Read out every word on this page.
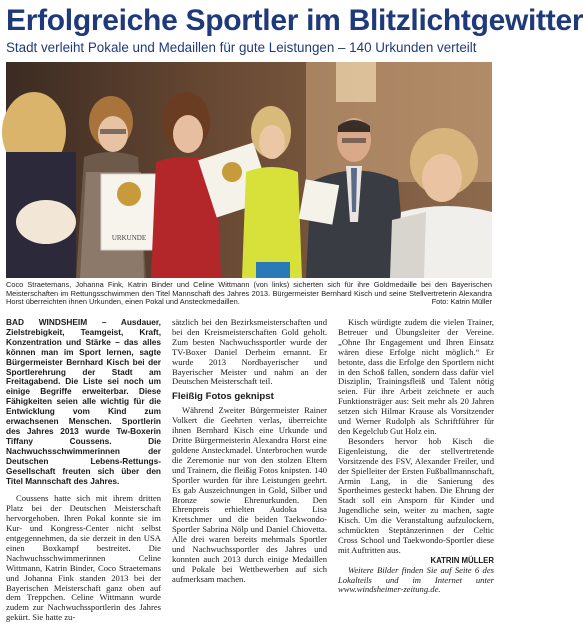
Erfolgreiche Sportler im Blitzlichtgewitter
Stadt verleiht Pokale und Medaillen für gute Leistungen – 140 Urkunden verteilt
URKUNDE
Coco Straetemans, Johanna Fink, Katrin Binder und Celine Wittmann (von links) sicherten sich für ihre Goldmedaille bei den Bayerischen Meisterschaften im Rettungsschwimmen den Titel Mannschaft des Jahres 2013. Bürgermeister Bernhard Kisch und seine Stellvertreterin Alexandra Horst überreichten ihnen Urkunden, einen Pokal und Ansteckmedaillen.	Foto: Katrin Müller

BAD WINDSHEIM – Ausdauer, Zielstrebigkeit, Teamgeist, Kraft, Konzentration und Stärke – das alles können man im Sport lernen, sagte Bürgermeister Bernhard Kisch bei der Sportlerehrung der Stadt am Freitagabend. Die Liste sei noch um einige Begriffe erweiterbar. Diese Fähigkeiten seien alle wichtig für die Entwicklung vom Kind zum erwachsenen Menschen. Sportlerin des Jahres 2013 wurde Tw-Boxerin Tiffany Coussens. Die Nachwuchsschwimmerinnen der Deutschen Lebens-Rettungs-Gesellschaft freuten sich über den Titel Mannschaft des Jahres.

Coussens hatte sich mit ihrem dritten Platz bei der Deutschen Meisterschaft hervorgehoben. Ihren Pokal konnte sie im Kur- und Kongress-Center nicht selbst entgegennehmen, da sie derzeit in den USA einen Boxkampf bestreitet. Die Nachwuchsschwimmerinnen Celine Wittmann, Katrin Binder, Coco Straetemans und Johanna Fink standen 2013 bei der Bayerischen Meisterschaft ganz oben auf dem Treppchen. Celine Wittmann wurde zudem zur Nachwuchssportlerin des Jahres gekürt. Sie hatte zu-

sätzlich bei den Bezirksmeisterschaften und bei den Kreismeisterschaften Gold geholt. Zum besten Nachwuchssportler wurde der TV-Boxer Daniel Derheim ernannt. Er wurde 2013 Nordbayerischer und Bayerischer Meister und nahm an der Deutschen Meisterschaft teil.

Fleißig Fotos geknipst

Während Zweiter Bürgermeister Rainer Volkert die Geehrten verlas, überreichte ihnen Bernhard Kisch eine Urkunde und Dritte Bürgermeisterin Alexandra Horst eine goldene Ansteckmadel. Unterbrochen wurde die Zeremonie nur von den stolzen Eltern und Trainern, die fleißig Fotos knipsten. 140 Sportler wurden für ihre Leistungen geehrt. Es gab Auszeichnungen in Gold, Silber und Bronze sowie Ehrenurkunden. Den Ehrenpreis erhielten Audoka Lisa Kretschmer und die beiden Taekwondo-Sportler Sabrina Nölp und Daniel Chiovetta. Alle drei waren bereits mehrmals Sportler und Nachwuchssportler des Jahres und konnten auch 2013 durch einige Medaillen und Pokale bei Wettbewerben auf sich aufmerksam machen.

Kisch würdigte zudem die vielen Trainer, Betreuer und Übungsleiter der Vereine. „Ohne Ihr Engagement und Ihren Einsatz wären diese Erfolge nicht möglich.“ Er betonte, dass die Erfolge den Sportlern nicht in den Schoß fallen, sondern dass dafür viel Disziplin, Trainingsfleiß und Talent nötig seien. Für ihre Arbeit zeichnete er auch Funktionsträger aus: Seit mehr als 20 Jahren setzen sich Hilmar Krause als Vorsitzender und Werner Rudolph als Schriftführer für den Kegelclub Gut Holz ein.

Besonders hervor hob Kisch die Eigenleistung, die der stellvertretende Vorsitzende des FSV, Alexander Freiler, und der Spielleiter der Ersten Fußballmannschaft, Armin Lang, in die Sanierung des Sportheimes gesteckt haben. Die Ehrung der Stadt soll ein Ansporn für Kinder und Jugendliche sein, weiter zu machen, sagte Kisch. Um die Veranstaltung aufzulockern, schmückten Steptänzerinnen der Celtic Cross School und Taekwondo-Sportler diese mit Auftritten aus.

KATRIN MÜLLER

Weitere Bilder finden Sie auf Seite 6 des Lokalteils und im Internet unter www.windsheimer-zeitung.de.
